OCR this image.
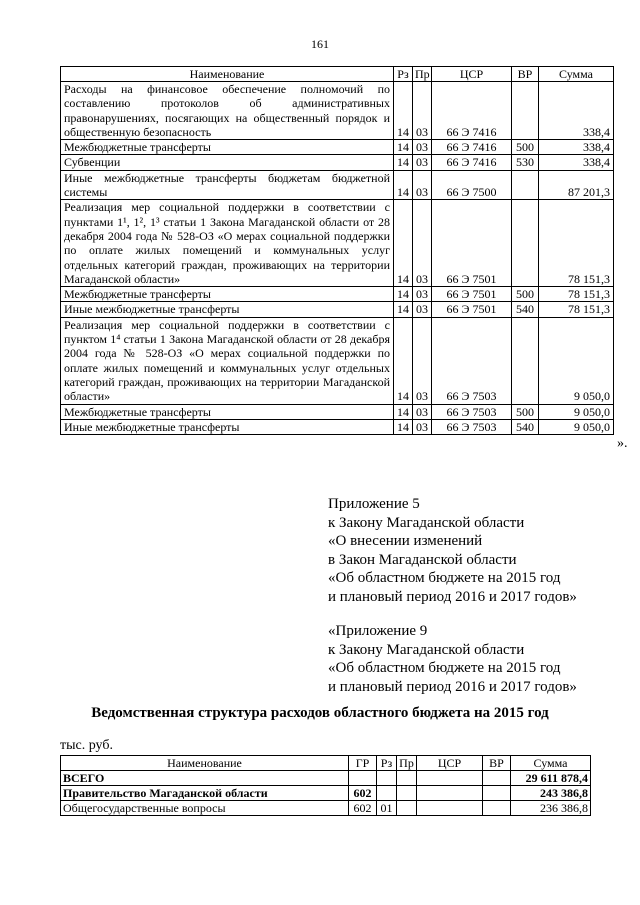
161
Наименование	Рз	Пр	ЦСР	ВР	Сумма
Расходы на финансовое обеспечение полномочий по составлению протоколов об административных правонарушениях, посягающих на общественный порядок и общественную безопасность	14	03	66 Э 7416		338,4
Межбюджетные трансферты	14	03	66 Э 7416	500	338,4
Субвенции	14	03	66 Э 7416	530	338,4
Иные межбюджетные трансферты бюджетам бюджетной системы	14	03	66 Э 7500		87 201,3
Реализация мер социальной поддержки в соответствии с пунктами 1¹, 1², 1³ статьи 1 Закона Магаданской области от 28 декабря 2004 года № 528-ОЗ «О мерах социальной поддержки по оплате жилых помещений и коммунальных услуг отдельных категорий граждан, проживающих на территории Магаданской области»	14	03	66 Э 7501		78 151,3
Межбюджетные трансферты	14	03	66 Э 7501	500	78 151,3
Иные межбюджетные трансферты	14	03	66 Э 7501	540	78 151,3
Реализация мер социальной поддержки в соответствии с пунктом 1⁴ статьи 1 Закона Магаданской области от 28 декабря 2004 года № 528-ОЗ «О мерах социальной поддержки по оплате жилых помещений и коммунальных услуг отдельных категорий граждан, проживающих на территории Магаданской области»	14	03	66 Э 7503		9 050,0
Межбюджетные трансферты	14	03	66 Э 7503	500	9 050,0
Иные межбюджетные трансферты	14	03	66 Э 7503	540	9 050,0
».
Приложение 5
к Закону Магаданской области
«О внесении изменений
в Закон Магаданской области
«Об областном бюджете на 2015 год
и плановый период 2016 и 2017 годов»
«Приложение 9
к Закону Магаданской области
«Об областном бюджете на 2015 год
и плановый период 2016 и 2017 годов»
Ведомственная структура расходов областного бюджета на 2015 год
тыс. руб.
Наименование	ГР	Рз	Пр	ЦСР	ВР	Сумма
ВСЕГО						29 611 878,4
Правительство Магаданской области	602					243 386,8
Общегосударственные вопросы	602	01				236 386,8
